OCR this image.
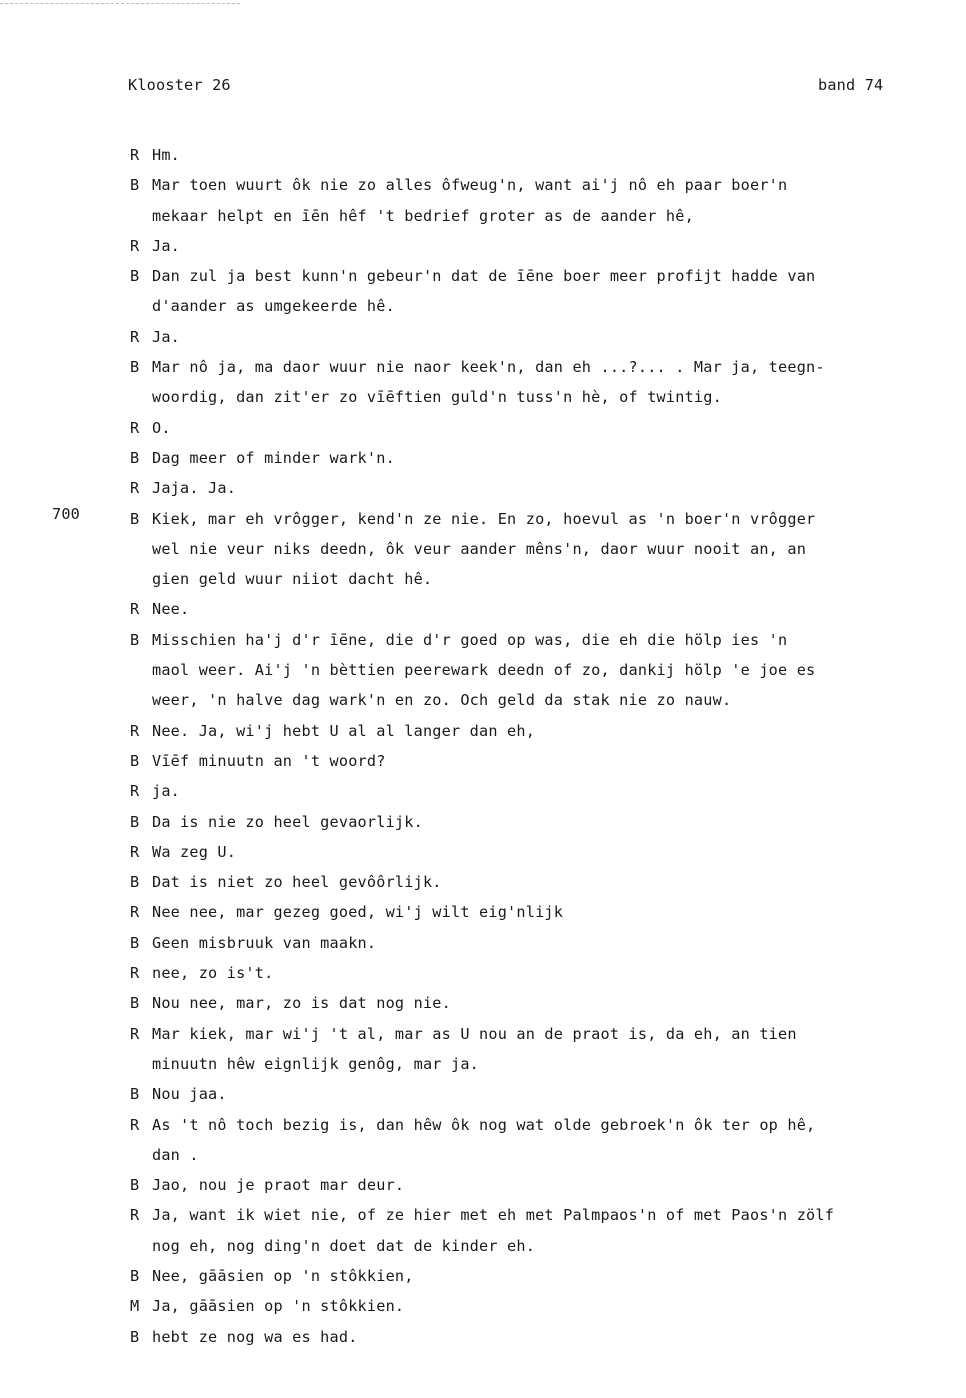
Klooster 26	band 74
700
R Hm.
B Mar toen wuurt ôk nie zo alles ôfweug'n, want ai'j nô eh paar boer'n
mekaar helpt en īēn hêf 't bedrief groter as de aander hê,
R Ja.
B Dan zul ja best kunn'n gebeur'n dat de īēne boer meer profijt hadde van
d'aander as umgekeerde hê.
R Ja.
B Mar nô ja, ma daor wuur nie naor keek'n, dan eh ...?... . Mar ja, teegn-
woordig, dan zit'er zo vīēftien guld'n tuss'n hè, of twintig.
R O.
B Dag meer of minder wark'n.
R Jaja. Ja.
B Kiek, mar eh vrôgger, kend'n ze nie. En zo, hoevul as 'n boer'n vrôgger
wel nie veur niks deedn, ôk veur aander mêns'n, daor wuur nooit an, an
gien geld wuur niiot dacht hê.
R Nee.
B Misschien ha'j d'r īēne, die d'r goed op was, die eh die hölp ies 'n
maol weer. Ai'j 'n bèttien peerewark deedn of zo, dankij hölp 'e joe es
weer, 'n halve dag wark'n en zo. Och geld da stak nie zo nauw.
R Nee. Ja, wi'j hebt U al al langer dan eh,
B Vīēf minuutn an 't woord?
R ja.
B Da is nie zo heel gevaorlijk.
R Wa zeg U.
B Dat is niet zo heel gevôôrlijk.
R Nee nee, mar gezeg goed, wi'j wilt eig'nlijk
B Geen misbruuk van maakn.
R nee, zo is't.
B Nou nee, mar, zo is dat nog nie.
R Mar kiek, mar wi'j 't al, mar as U nou an de praot is, da eh, an tien
minuutn hêw eignlijk genôg, mar ja.
B Nou jaa.
R As 't nô toch bezig is, dan hêw ôk nog wat olde gebroek'n ôk ter op hê,
dan .
B Jao, nou je praot mar deur.
R Ja, want ik wiet nie, of ze hier met eh met Palmpaos'n of met Paos'n zölf
nog eh, nog ding'n doet dat de kinder eh.
B Nee, gāāsien op 'n stôkkien,
M Ja, gāāsien op 'n stôkkien.
B hebt ze nog wa es had.
